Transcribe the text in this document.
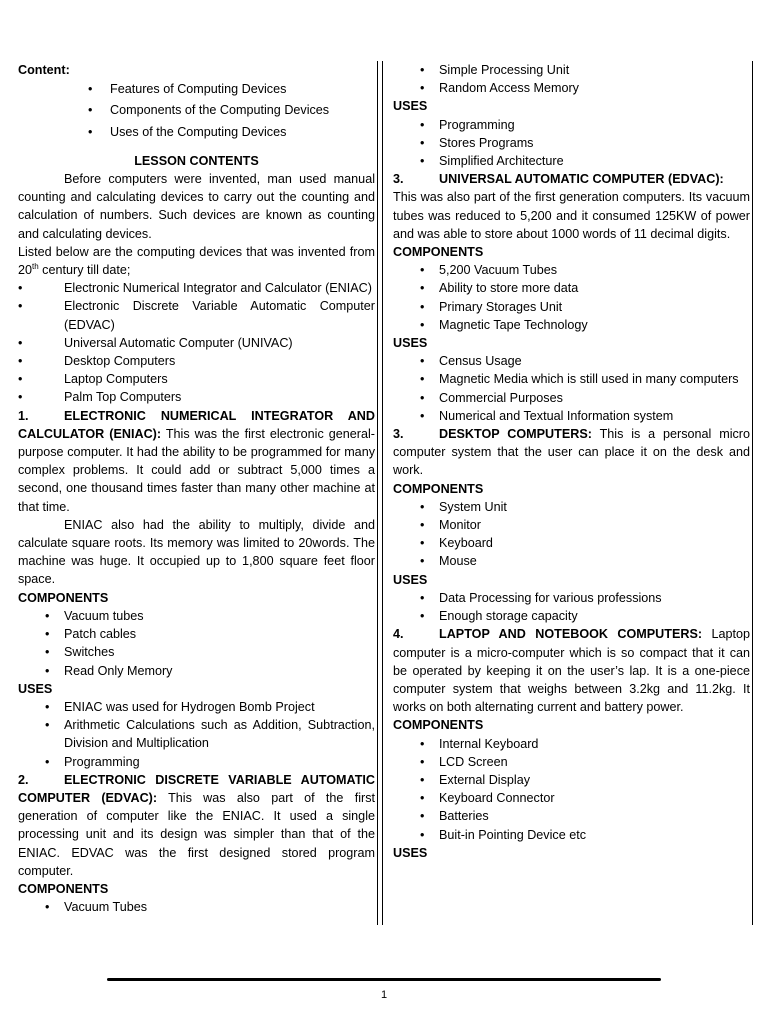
Content:

• Features of Computing Devices
• Components of the Computing Devices
• Uses of the Computing Devices

LESSON CONTENTS

Before computers were invented, man used manual counting and calculating devices to carry out the counting and calculation of numbers. Such devices are known as counting and calculating devices.

Listed below are the computing devices that was invented from 20th century till date;

• Electronic Numerical Integrator and Calculator (ENIAC)
• Electronic Discrete Variable Automatic Computer (EDVAC)
• Universal Automatic Computer (UNIVAC)
• Desktop Computers
• Laptop Computers
• Palm Top Computers

1.	ELECTRONIC NUMERICAL INTEGRATOR AND CALCULATOR (ENIAC): This was the first electronic general-purpose computer. It had the ability to be programmed for many complex problems. It could add or subtract 5,000 times a second, one thousand times faster than many other machine at that time.

ENIAC also had the ability to multiply, divide and calculate square roots. Its memory was limited to 20words. The machine was huge. It occupied up to 1,800 square feet floor space.

COMPONENTS

• Vacuum tubes
• Patch cables
• Switches
• Read Only Memory

USES

• ENIAC was used for Hydrogen Bomb Project
• Arithmetic Calculations such as Addition, Subtraction, Division and Multiplication
• Programming

2.	ELECTRONIC DISCRETE VARIABLE AUTOMATIC COMPUTER (EDVAC): This was also part of the first generation of computer like the ENIAC. It used a single processing unit and its design was simpler than that of the ENIAC. EDVAC was the first designed stored program computer.

COMPONENTS

• Vacuum Tubes
• Simple Processing Unit
• Random Access Memory

USES

• Programming
• Stores Programs
• Simplified Architecture

3.	UNIVERSAL AUTOMATIC COMPUTER (EDVAC):

This was also part of the first generation computers. Its vacuum tubes was reduced to 5,200 and it consumed 125KW of power and was able to store about 1000 words of 11 decimal digits.

COMPONENTS

• 5,200 Vacuum Tubes
• Ability to store more data
• Primary Storages Unit
• Magnetic Tape Technology

USES

• Census Usage
• Magnetic Media which is still used in many computers
• Commercial Purposes
• Numerical and Textual Information system

3.	DESKTOP COMPUTERS: This is a personal micro computer system that the user can place it on the desk and work.

COMPONENTS

• System Unit
• Monitor
• Keyboard
• Mouse

USES

• Data Processing for various professions
• Enough storage capacity

4.	LAPTOP AND NOTEBOOK COMPUTERS: Laptop computer is a micro-computer which is so compact that it can be operated by keeping it on the user’s lap. It is a one-piece computer system that weighs between 3.2kg and 11.2kg. It works on both alternating current and battery power.

COMPONENTS

• Internal Keyboard
• LCD Screen
• External Display
• Keyboard Connector
• Batteries
• Buit-in Pointing Device etc

USES

1
